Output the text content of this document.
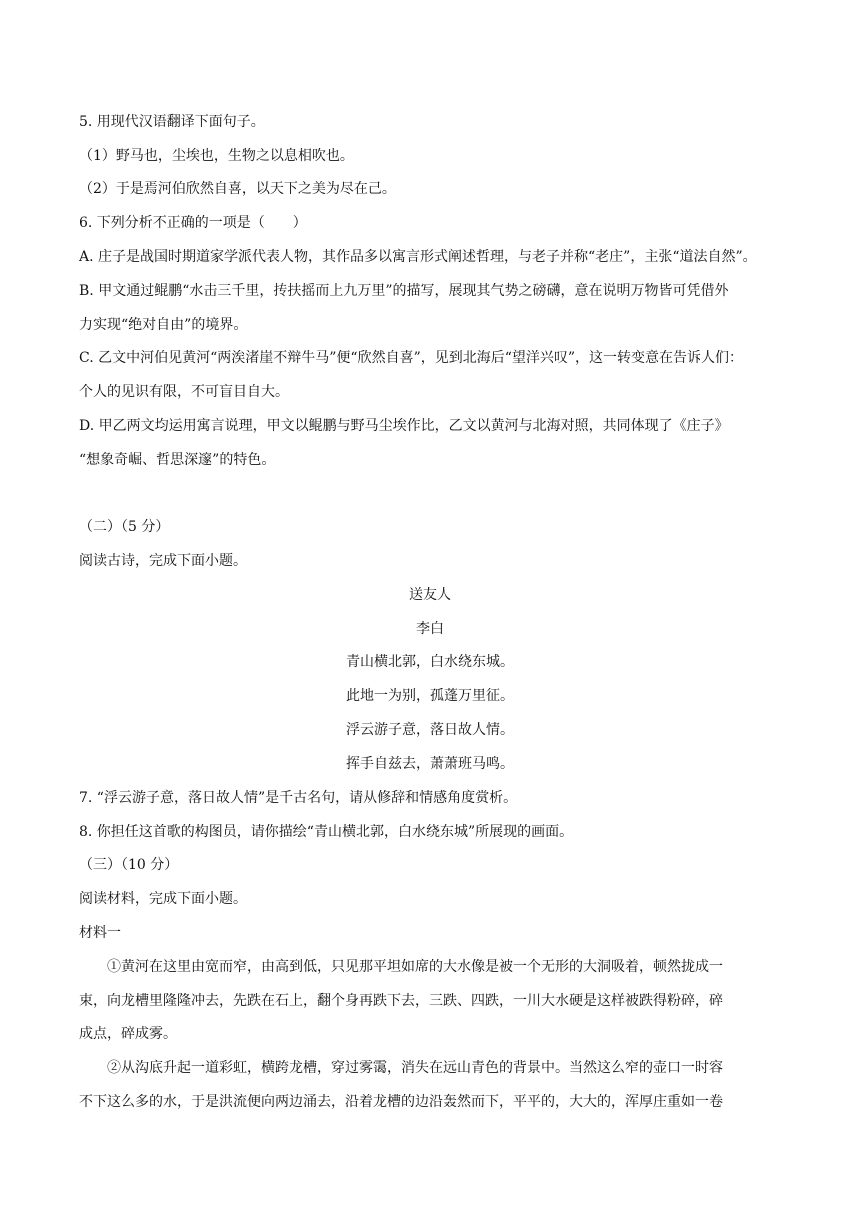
5. 用现代汉语翻译下面句子。
（1）野马也，尘埃也，生物之以息相吹也。
（2）于是焉河伯欣然自喜，以天下之美为尽在己。
6. 下列分析不正确的一项是（　　）
A. 庄子是战国时期道家学派代表人物，其作品多以寓言形式阐述哲理，与老子并称“老庄”，主张“道法自然”。
B. 甲文通过鲲鹏“水击三千里，抟扶摇而上九万里”的描写，展现其气势之磅礴，意在说明万物皆可凭借外
力实现“绝对自由”的境界。
C. 乙文中河伯见黄河“两涘渚崖不辩牛马”便“欣然自喜”，见到北海后“望洋兴叹”，这一转变意在告诉人们：
个人的见识有限，不可盲目自大。
D. 甲乙两文均运用寓言说理，甲文以鲲鹏与野马尘埃作比，乙文以黄河与北海对照，共同体现了《庄子》
“想象奇崛、哲思深邃”的特色。
（二）（5 分）
阅读古诗，完成下面小题。
送友人
李白
青山横北郭，白水绕东城。
此地一为别，孤蓬万里征。
浮云游子意，落日故人情。
挥手自兹去，萧萧班马鸣。
7. “浮云游子意，落日故人情”是千古名句，请从修辞和情感角度赏析。
8. 你担任这首歌的构图员，请你描绘“青山横北郭，白水绕东城”所展现的画面。
（三）（10 分）
阅读材料，完成下面小题。
材料一
①黄河在这里由宽而窄，由高到低，只见那平坦如席的大水像是被一个无形的大洞吸着，顿然拢成一
束，向龙槽里隆隆冲去，先跌在石上，翻个身再跌下去，三跌、四跌，一川大水硬是这样被跌得粉碎，碎
成点，碎成雾。
②从沟底升起一道彩虹，横跨龙槽，穿过雾霭，消失在远山青色的背景中。当然这么窄的壶口一时容
不下这么多的水，于是洪流便向两边涌去，沿着龙槽的边沿轰然而下，平平的，大大的，浑厚庄重如一卷
